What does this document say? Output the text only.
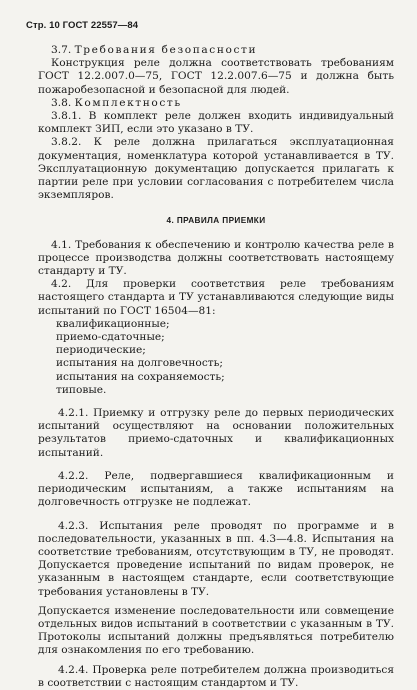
Стр. 10 ГОСТ 22557—84

3.7. Требования безопасности

Конструкция реле должна соответствовать требованиям ГОСТ 12.2.007.0—75, ГОСТ 12.2.007.6—75 и должна быть пожаробезопасной и безопасной для людей.

3.8. Комплектность

3.8.1. В комплект реле должен входить индивидуальный комплект ЗИП, если это указано в ТУ.

3.8.2. К реле должна прилагаться эксплуатационная документация, номенклатура которой устанавливается в ТУ. Эксплуатационную документацию допускается прилагать к партии реле при условии согласования с потребителем числа экземпляров.

4. ПРАВИЛА ПРИЕМКИ

4.1. Требования к обеспечению и контролю качества реле в процессе производства должны соответствовать настоящему стандарту и ТУ.

4.2. Для проверки соответствия реле требованиям настоящего стандарта и ТУ устанавливаются следующие виды испытаний по ГОСТ 16504—81:

квалификационные;

приемо-сдаточные;

периодические;

испытания на долговечность;

испытания на сохраняемость;

типовые.

4.2.1. Приемку и отгрузку реле до первых периодических испытаний осуществляют на основании положительных результатов приемо-сдаточных и квалификационных испытаний.

4.2.2. Реле, подвергавшиеся квалификационным и периодическим испытаниям, а также испытаниям на долговечность отгрузке не подлежат.

4.2.3. Испытания реле проводят по программе и в последовательности, указанных в пп. 4.3—4.8. Испытания на соответствие требованиям, отсутствующим в ТУ, не проводят. Допускается проведение испытаний по видам проверок, не указанным в настоящем стандарте, если соответствующие требования установлены в ТУ.

Допускается изменение последовательности или совмещение отдельных видов испытаний в соответствии с указанным в ТУ. Протоколы испытаний должны предъявляться потребителю для ознакомления по его требованию.

4.2.4. Проверка реле потребителем должна производиться в соответствии с настоящим стандартом и ТУ.
